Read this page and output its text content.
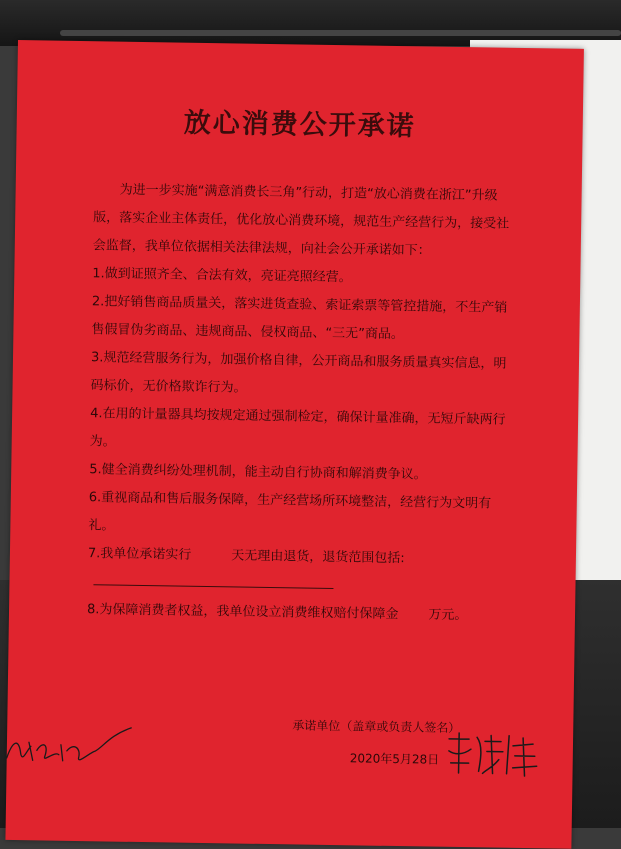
放心消费公开承诺

为进一步实施“满意消费长三角”行动，打造“放心消费在浙江”升级版，落实企业主体责任，优化放心消费环境，规范生产经营行为，接受社会监督，我单位依据相关法律法规，向社会公开承诺如下：

1.做到证照齐全、合法有效，亮证亮照经营。

2.把好销售商品质量关，落实进货查验、索证索票等管控措施，不生产销售假冒伪劣商品、违规商品、侵权商品、“三无”商品。

3.规范经营服务行为，加强价格自律，公开商品和服务质量真实信息，明码标价，无价格欺诈行为。

4.在用的计量器具均按规定通过强制检定，确保计量准确，无短斤缺两行为。

5.健全消费纠纷处理机制，能主动自行协商和解消费争议。

6.重视商品和售后服务保障，生产经营场所环境整洁，经营行为文明有礼。

7.我单位承诺实行	天无理由退货，退货范围包括:

8.为保障消费者权益，我单位设立消费维权赔付保障金 万元。

承诺单位（盖章或负责人签名）
2020年5月28日
